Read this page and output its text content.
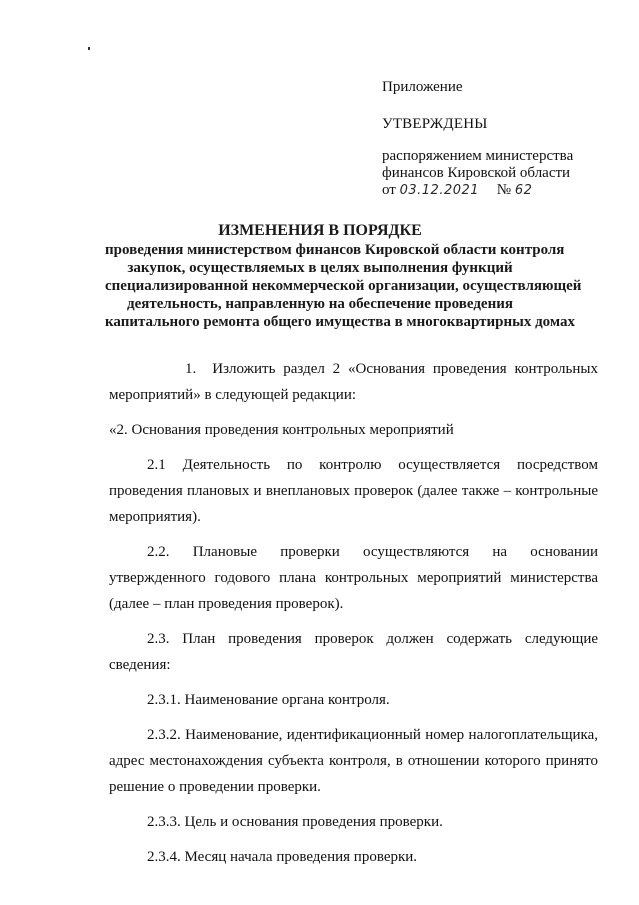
Приложение
УТВЕРЖДЕНЫ
распоряжением министерства
финансов Кировской области
от 03.12.2021 № 62
ИЗМЕНЕНИЯ В ПОРЯДКЕ
проведения министерством финансов Кировской области контроля
закупок, осуществляемых в целях выполнения функций
специализированной некоммерческой организации, осуществляющей
деятельность, направленную на обеспечение проведения
капитального ремонта общего имущества в многоквартирных домах

1. Изложить раздел 2 «Основания проведения контрольных мероприятий» в следующей редакции:

«2. Основания проведения контрольных мероприятий

2.1 Деятельность по контролю осуществляется посредством проведения плановых и внеплановых проверок (далее также – контрольные мероприятия).

2.2. Плановые проверки осуществляются на основании утвержденного годового плана контрольных мероприятий министерства (далее – план проведения проверок).

2.3. План проведения проверок должен содержать следующие сведения:

2.3.1. Наименование органа контроля.

2.3.2. Наименование, идентификационный номер налогоплательщика, адрес местонахождения субъекта контроля, в отношении которого принято решение о проведении проверки.

2.3.3. Цель и основания проведения проверки.

2.3.4. Месяц начала проведения проверки.
